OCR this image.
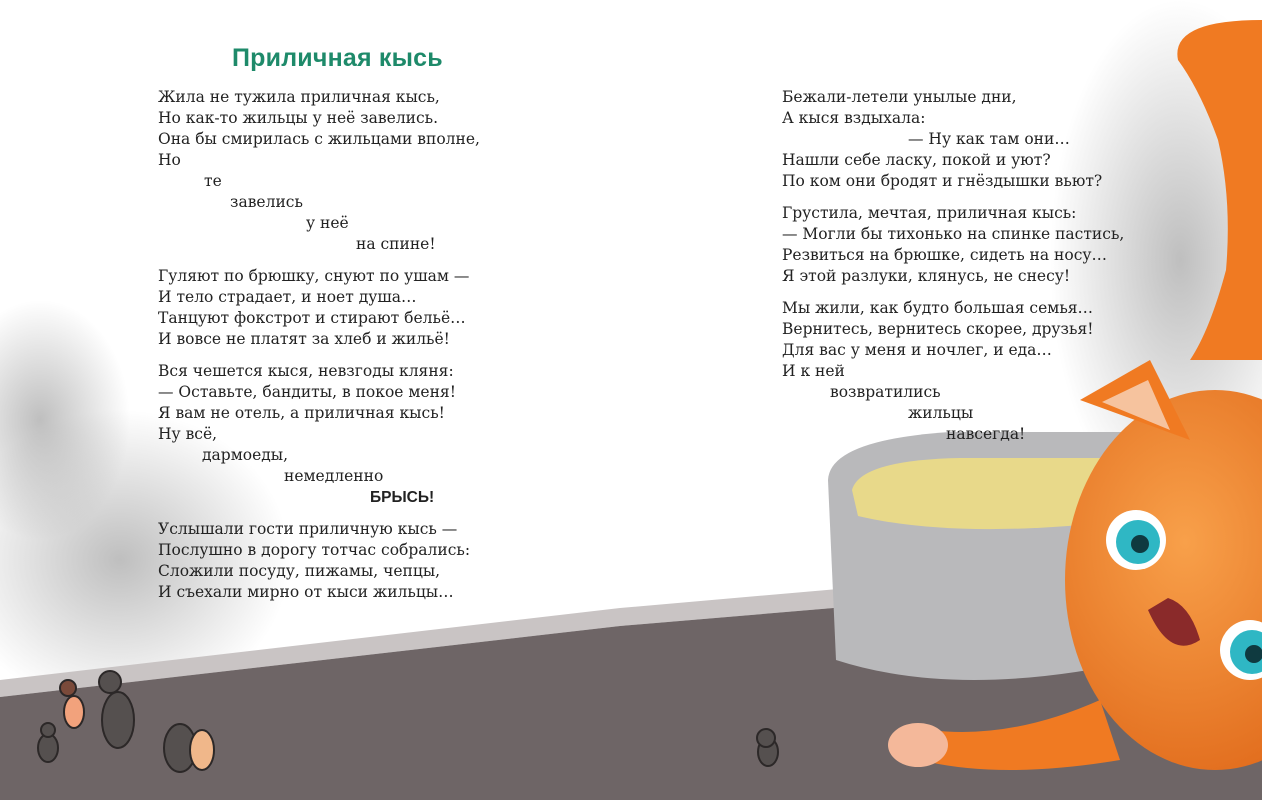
Приличная кысь
Жила не тужила приличная кысь,
Но как-то жильцы у неё завелись.
Она бы смирилась с жильцами вполне,
Но
те
завелись
у неё
на спине!
Гуляют по брюшку, снуют по ушам —
И тело страдает, и ноет душа…
Танцуют фокстрот и стирают бельё…
И вовсе не платят за хлеб и жильё!
Вся чешется кыся, невзгоды кляня:
— Оставьте, бандиты, в покое меня!
Я вам не отель, а приличная кысь!
Ну всё,
дармоеды,
немедленно
БРЫСЬ!
Услышали гости приличную кысь —
Послушно в дорогу тотчас собрались:
Сложили посуду, пижамы, чепцы,
И съехали мирно от кыси жильцы…
Бежали-летели унылые дни,
А кыся вздыхала:
— Ну как там они…
Нашли себе ласку, покой и уют?
По ком они бродят и гнёздышки вьют?
Грустила, мечтая, приличная кысь:
— Могли бы тихонько на спинке пастись,
Резвиться на брюшке, сидеть на носу…
Я этой разлуки, клянусь, не снесу!
Мы жили, как будто большая семья…
Вернитесь, вернитесь скорее, друзья!
Для вас у меня и ночлег, и еда…
И к ней
возвратились
жильцы
навсегда!
